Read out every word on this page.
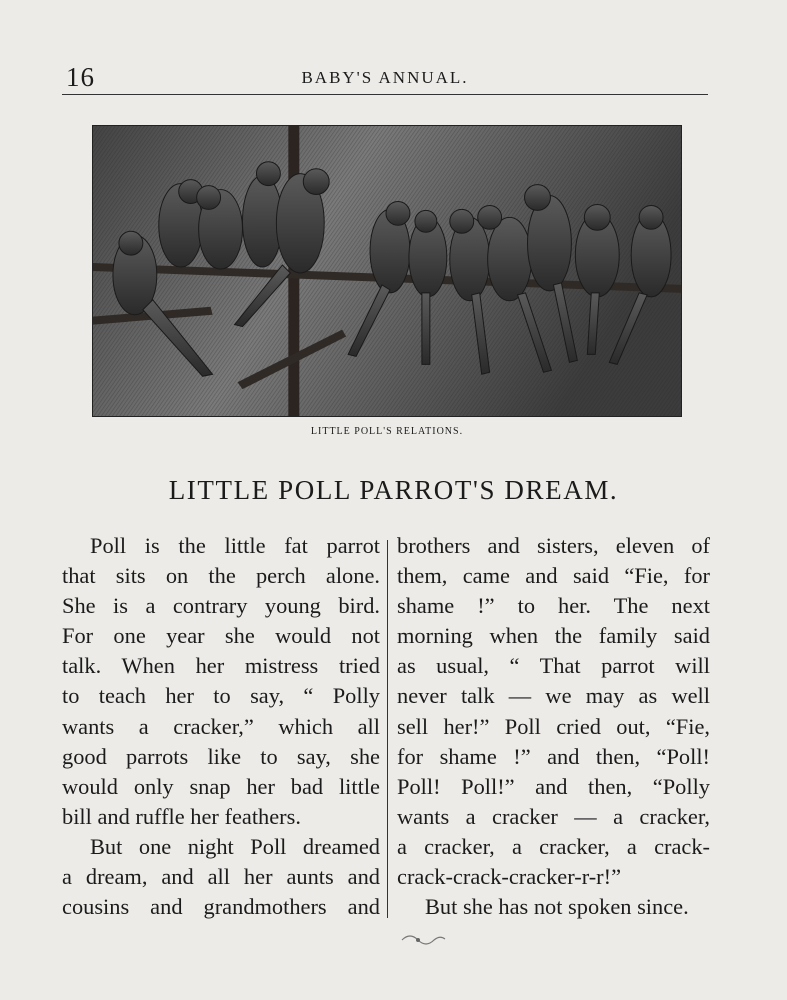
16	BABY'S ANNUAL.
LITTLE POLL'S RELATIONS.
LITTLE POLL PARROT'S DREAM.

Poll is the little fat parrot
that sits on the perch alone.
She is a contrary young bird.
For one year she would not
talk. When her mistress tried
to teach her to say, “ Polly
wants a cracker,” which all
good parrots like to say, she
would only snap her bad little
bill and ruffle her feathers.

But one night Poll dreamed
a dream, and all her aunts and
cousins and grandmothers and

brothers and sisters, eleven of
them, came and said “Fie, for
shame !” to her. The next
morning when the family said
as usual, “ That parrot will
never talk — we may as well
sell her!” Poll cried out, “Fie,
for shame !” and then, “Poll!
Poll! Poll!” and then, “Polly
wants a cracker — a cracker,
a cracker, a cracker, a crack-
crack-crack-cracker-r-r!”

But she has not spoken since.
